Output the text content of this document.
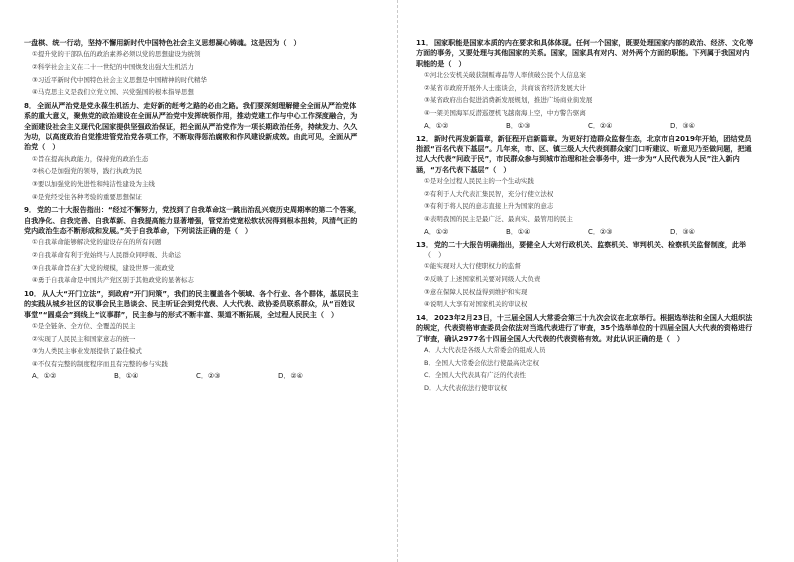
一盘棋、统一行动，坚持不懈用新时代中国特色社会主义思想凝心铸魂。这是因为（　）

①提升党的干部队伍的政治素养必须以党的思想建设为统领

②科学社会主义在二十一世纪的中国焕发出强大生机活力

③习近平新时代中国特色社会主义思想是中国精神的时代精华

④马克思主义是我们立党立国、兴党强国的根本指导思想

8．全面从严治党是党永葆生机活力、走好新的赶考之路的必由之路。我们要深刻理解健全全面从严治党体系的重大意义，聚焦党的政治建设在全面从严治党中发挥统领作用，推动党建工作与中心工作深度融合，为全面建设社会主义现代化国家提供坚强政治保证，把全面从严治党作为一项长期政治任务，持续发力、久久为功，以高度政治自觉推进管党治党各项工作，不断取得惩治腐败和作风建设新成效。由此可见，全面从严治党（　）

①旨在提高执政能力，保持党的政治生态

②核心是加强党的领导，践行执政为民

③要以加强党的先进性和纯洁性建设为主线

④是党经受住各种考验的重要思想保证

9．党的二十大报告指出：“经过不懈努力，党找到了自我革命这一跳出治乱兴衰历史周期率的第二个答案，自我净化、自我完善、自我革新、自我提高能力显著增强，管党治党宽松软状况得到根本扭转，风清气正的党内政治生态不断形成和发展。”关于自我革命，下列说法正确的是（　）

①自我革命能够解决党的建设存在的所有问题

②自我革命有利于党始终与人民群众同呼吸、共命运

③自我革命旨在扩大党的规模，建设世界一流政党

④勇于自我革命是中国共产党区别于其他政党的显著标志

10．从人大“开门立法”，到政府“开门问策”，我们的民主覆盖各个领域、各个行业、各个群体，基层民主的实践从城乡社区的议事会民主恳谈会、民主听证会到党代表、人大代表、政协委员联系群众，从“百姓议事堂”“圆桌会”到线上“议事群”，民主参与的形式不断丰富、渠道不断拓展，全过程人民民主（　）

①是全链条、全方位、全覆盖的民主

②实现了人民民主和国家意志的统一

③为人类民主事业发展提供了最佳模式

④不仅有完整的制度程序而且有完整的参与实践

A．①②	B．①④	C．②③	D．②④

11．国家职能是国家本质的内在要求和具体体现。任何一个国家，既要处理国家内部的政治、经济、文化等方面的事务，又要处理与其他国家的关系。国家，国家具有对内、对外两个方面的职能。下列属于我国对内职能的是（　）

①河北公安机关破获制贩毒品等人率侦破公民个人信息案

②某省市政府开展外人士座谈会，共商该省经济发展大计

③某省政府出台促进消费新发展规划，推进广场商业街发展

④一架美国海军反潜巡逻机飞越南海上空，中方警告驱离

A．①②	B．①③	C．②④	D．③④

12．新时代再发新篇章，新征程开启新篇章。为更好打造群众监督生态，北京市自2019年开始，团结党员指派“百名代表下基层”。几年来，市、区、镇三级人大代表到群众家门口听建议、听意见乃至做问题，把通过人大代表“问政于民”，市民群众参与到城市治理和社会事务中，进一步为“人民代表为人民”注入新内涵，“万名代表下基层”（　）

①是对全过程人民民主的一个生动实践

②有利于人大代表汇集民智，充分行使立法权

③有利于将人民的意志直接上升为国家的意志

④表明我国的民主是最广泛、最真实、最管用的民主

A．①②	B．①④	C．②③	D．③④

13．党的二十大报告明确指出，要健全人大对行政机关、监察机关、审判机关、检察机关监督制度，此举

（　）

①能实现对人大行使职权力的监督

②反映了上述国家机关要对同级人大负责

③意在保障人民权益得到维护和实现

④说明人大享有对国家机关的审议权

14．2023年2月23日，十三届全国人大常委会第三十九次会议在北京举行。根据选举法和全国人大组织法的规定，代表资格审查委员会依法对当选代表进行了审查，35个选举单位的十四届全国人大代表的资格进行了审查，确认2977名十四届全国人大代表的代表资格有效。对此认识正确的是（　）

A．人大代表是各级人大常委会的组成人员

B．全国人大常委会依法行使最高决定权

C．全国人大代表具有广泛的代表性

D．人大代表依法行使审议权
